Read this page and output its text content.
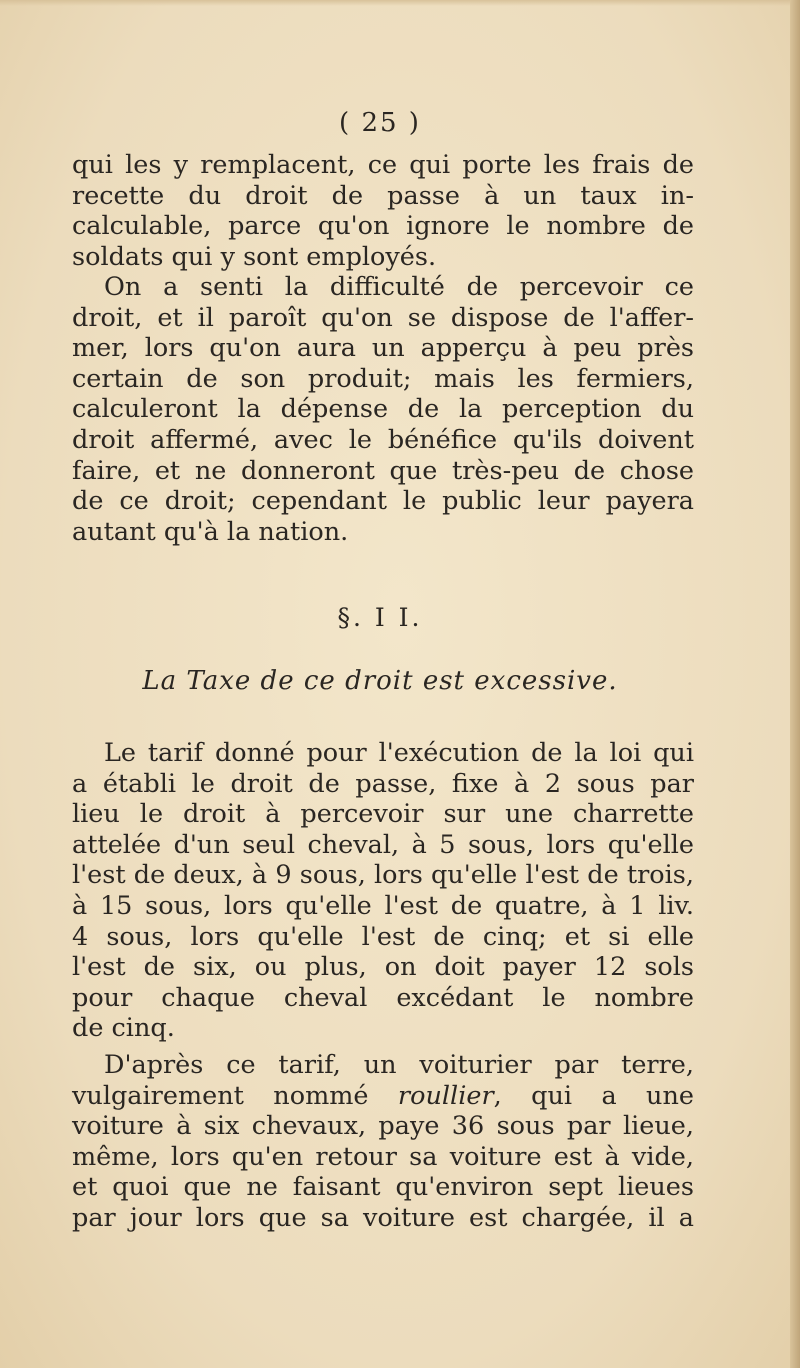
( 25 )
qui les y remplacent, ce qui porte les frais de
recette du droit de passe à un taux in-
calculable, parce qu'on ignore le nombre de
soldats qui y sont employés.
On a senti la difficulté de percevoir ce
droit, et il paroît qu'on se dispose de l'affer-
mer, lors qu'on aura un apperçu à peu près
certain de son produit; mais les fermiers,
calculeront la dépense de la perception du
droit affermé, avec le bénéfice qu'ils doivent
faire, et ne donneront que très-peu de chose
de ce droit; cependant le public leur payera
autant qu'à la nation.
§. I I.
La Taxe de ce droit est excessive.
Le tarif donné pour l'exécution de la loi qui
a établi le droit de passe, fixe à 2 sous par
lieu le droit à percevoir sur une charrette
attelée d'un seul cheval, à 5 sous, lors qu'elle
l'est de deux, à 9 sous, lors qu'elle l'est de trois,
à 15 sous, lors qu'elle l'est de quatre, à 1 liv.
4 sous, lors qu'elle l'est de cinq; et si elle
l'est de six, ou plus, on doit payer 12 sols
pour chaque cheval excédant le nombre
de cinq.
D'après ce tarif, un voiturier par terre,
vulgairement nommé roullier, qui a une
voiture à six chevaux, paye 36 sous par lieue,
même, lors qu'en retour sa voiture est à vide,
et quoi que ne faisant qu'environ sept lieues
par jour lors que sa voiture est chargée, il a
